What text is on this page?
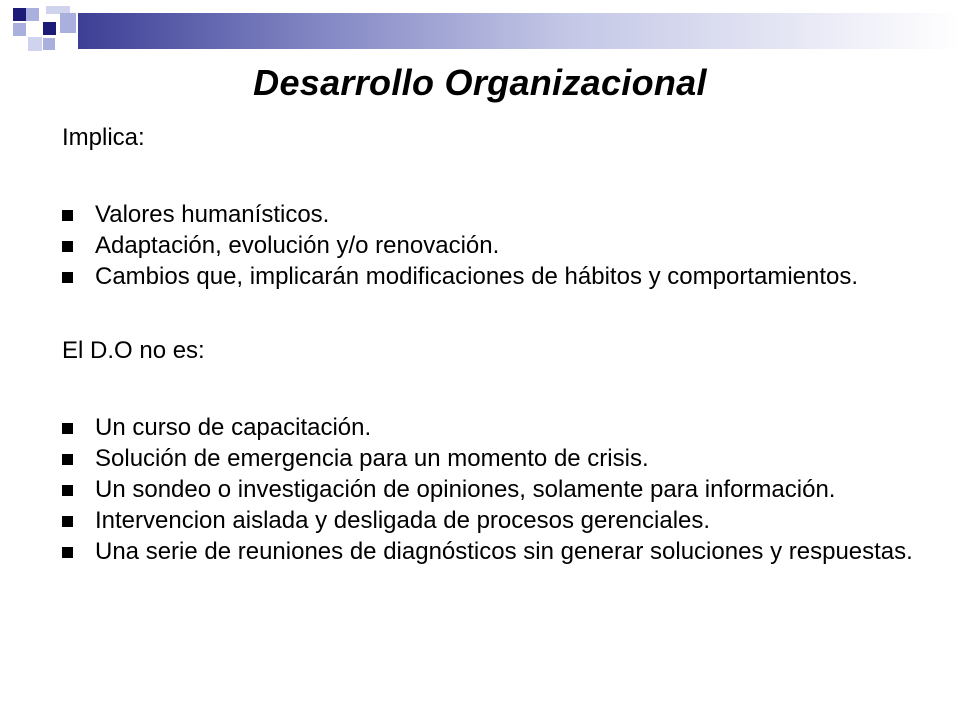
Desarrollo Organizacional

Implica:

Valores humanísticos.
Adaptación, evolución y/o renovación.
Cambios que, implicarán modificaciones de hábitos y comportamientos.

El D.O no es:

Un curso de capacitación.
Solución de emergencia para un momento de crisis.
Un sondeo o investigación de opiniones, solamente para información.
Intervencion aislada y desligada de procesos gerenciales.
Una serie de reuniones de diagnósticos sin generar soluciones y respuestas.
